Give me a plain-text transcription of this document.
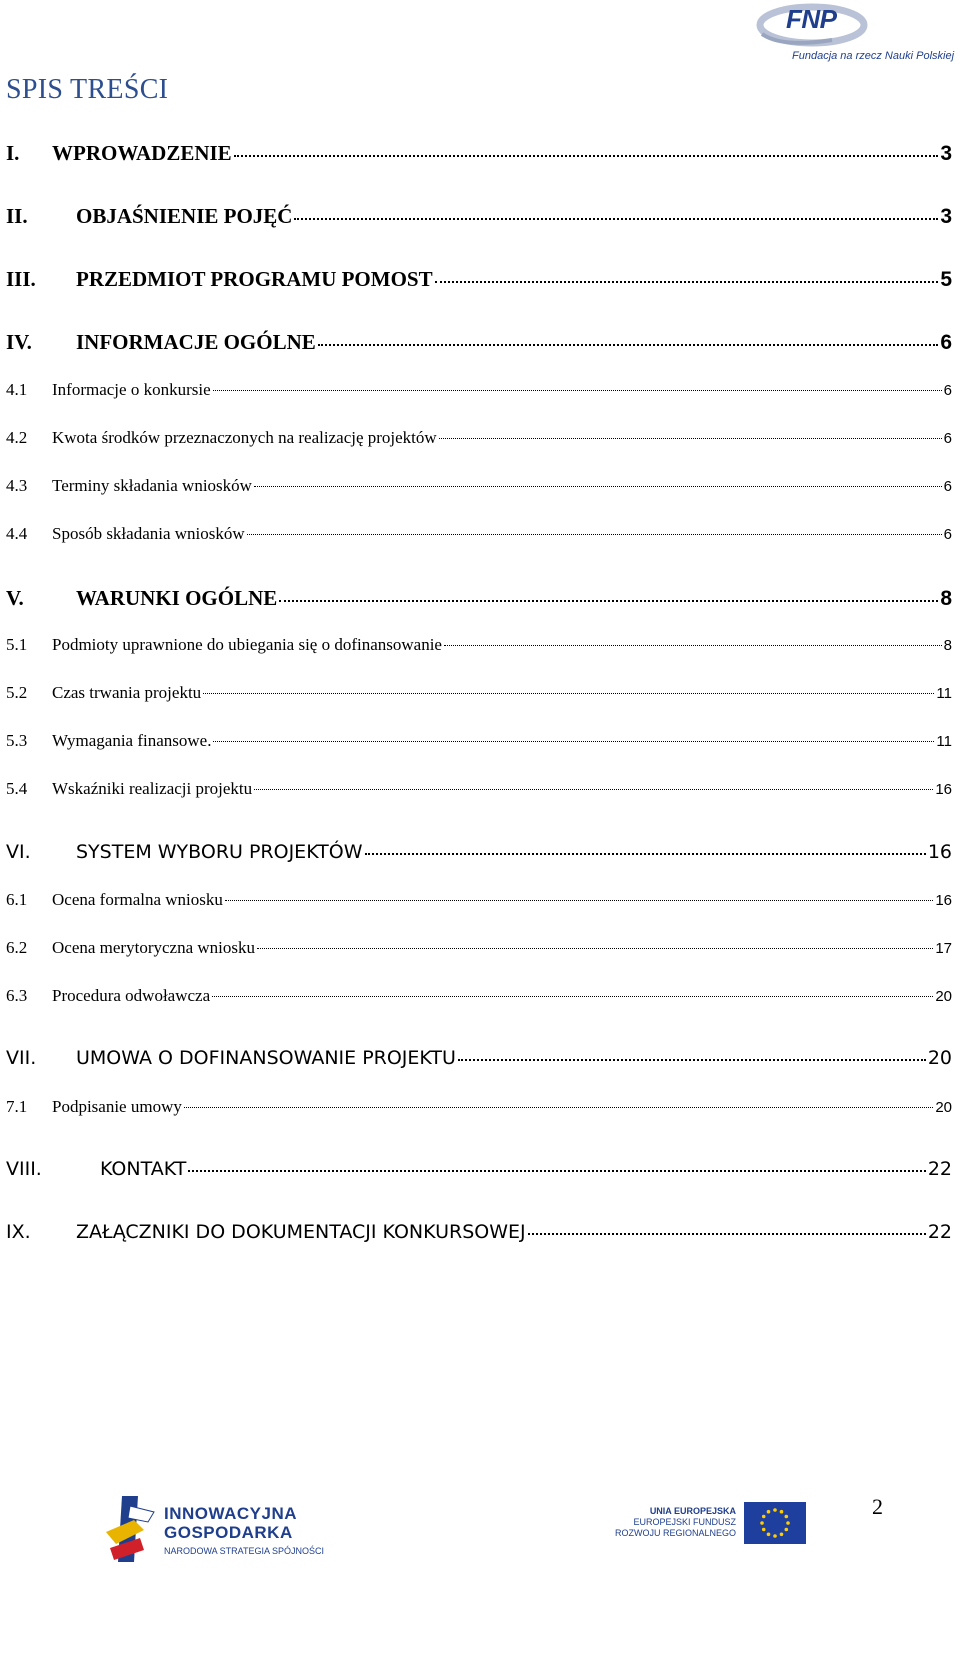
FNP
Fundacja na rzecz Nauki Polskiej
SPIS TREŚCI
I.	WPROWADZENIE	3
II.	OBJAŚNIENIE POJĘĆ	3
III.	PRZEDMIOT PROGRAMU POMOST	5
IV.	INFORMACJE OGÓLNE	6
4.1	Informacje o konkursie	6
4.2	Kwota środków przeznaczonych na realizację projektów	6
4.3	Terminy składania wniosków	6
4.4	Sposób składania wniosków	6
V.	WARUNKI OGÓLNE	8
5.1	Podmioty uprawnione do ubiegania się o dofinansowanie	8
5.2	Czas trwania projektu	11
5.3	Wymagania finansowe.	11
5.4	Wskaźniki realizacji projektu	16
VI.	SYSTEM WYBORU PROJEKTÓW	16
6.1	Ocena formalna wniosku	16
6.2	Ocena merytoryczna wniosku	17
6.3	Procedura odwoławcza	20
VII.	UMOWA O DOFINANSOWANIE PROJEKTU	20
7.1	Podpisanie umowy	20
VIII.	KONTAKT	22
IX.	ZAŁĄCZNIKI DO DOKUMENTACJI KONKURSOWEJ	22
2
INNOWACYJNA
GOSPODARKA
NARODOWA STRATEGIA SPÓJNOŚCI
UNIA EUROPEJSKA
EUROPEJSKI FUNDUSZ
ROZWOJU REGIONALNEGO
